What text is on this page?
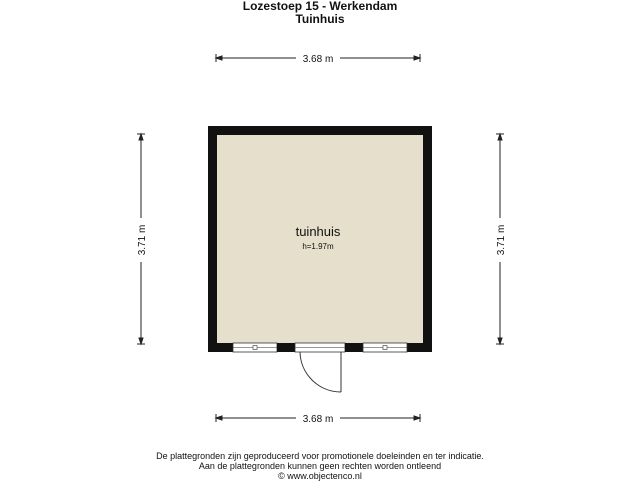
Lozestoep 15 - Werkendam
Tuinhuis
3.68 m
3.68 m
3.71 m	3.71 m
tuinhuis
h=1.97m
De plattegronden zijn geproduceerd voor promotionele doeleinden en ter indicatie.
Aan de plattegronden kunnen geen rechten worden ontleend
© www.objectenco.nl
